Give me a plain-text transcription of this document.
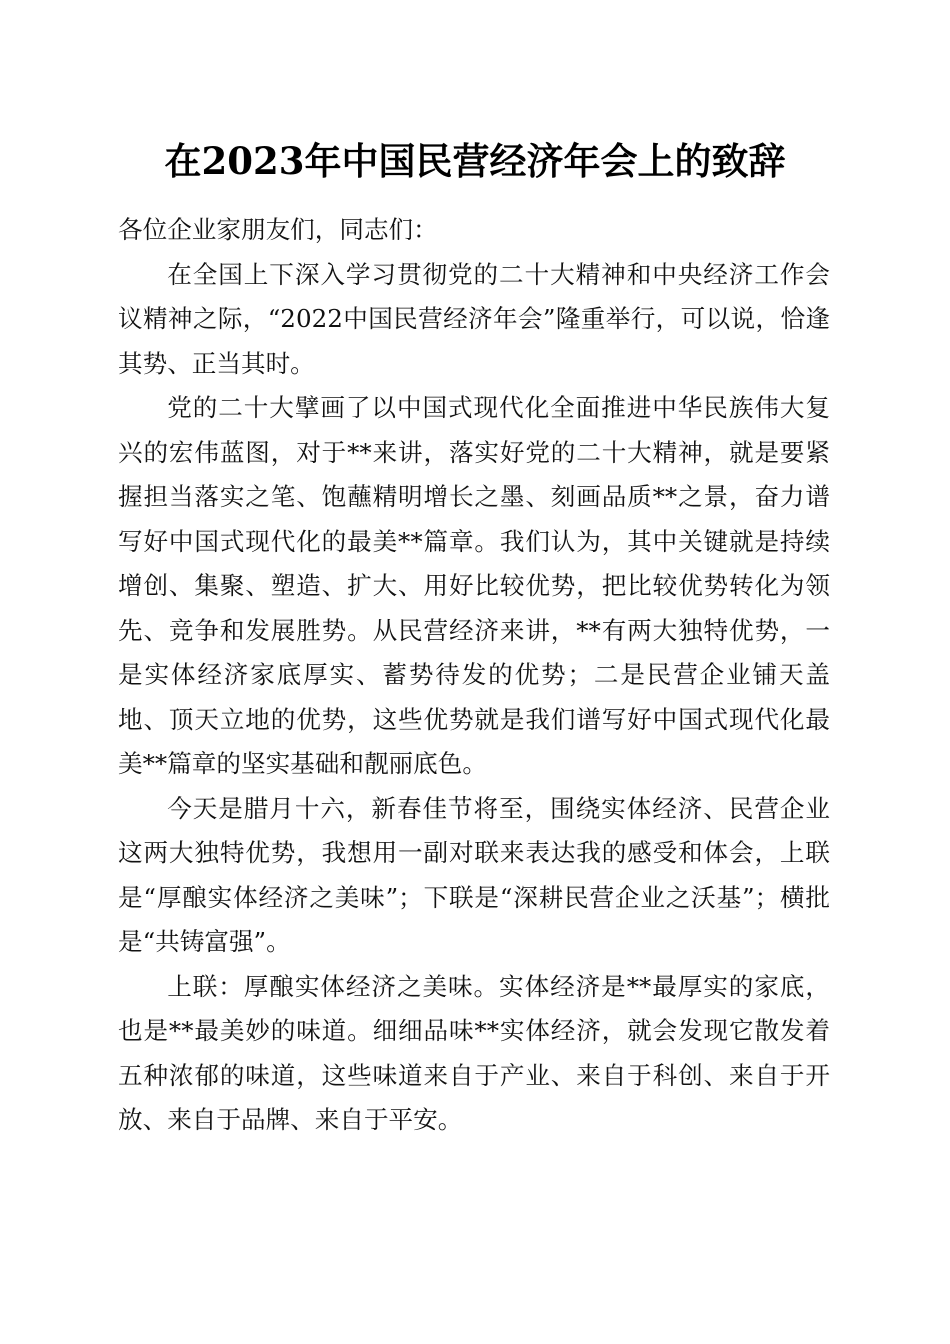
在2023年中国民营经济年会上的致辞

各位企业家朋友们，同志们：

在全国上下深入学习贯彻党的二十大精神和中央经济工作会议精神之际，“2022中国民营经济年会”隆重举行，可以说，恰逢其势、正当其时。

党的二十大擘画了以中国式现代化全面推进中华民族伟大复兴的宏伟蓝图，对于**来讲，落实好党的二十大精神，就是要紧握担当落实之笔、饱蘸精明增长之墨、刻画品质**之景，奋力谱写好中国式现代化的最美**篇章。我们认为，其中关键就是持续增创、集聚、塑造、扩大、用好比较优势，把比较优势转化为领先、竞争和发展胜势。从民营经济来讲，**有两大独特优势，一是实体经济家底厚实、蓄势待发的优势；二是民营企业铺天盖地、顶天立地的优势，这些优势就是我们谱写好中国式现代化最美**篇章的坚实基础和靓丽底色。

今天是腊月十六，新春佳节将至，围绕实体经济、民营企业这两大独特优势，我想用一副对联来表达我的感受和体会，上联是“厚酿实体经济之美味”；下联是“深耕民营企业之沃基”；横批是“共铸富强”。

上联：厚酿实体经济之美味。实体经济是**最厚实的家底，也是**最美妙的味道。细细品味**实体经济，就会发现它散发着五种浓郁的味道，这些味道来自于产业、来自于科创、来自于开放、来自于品牌、来自于平安。
